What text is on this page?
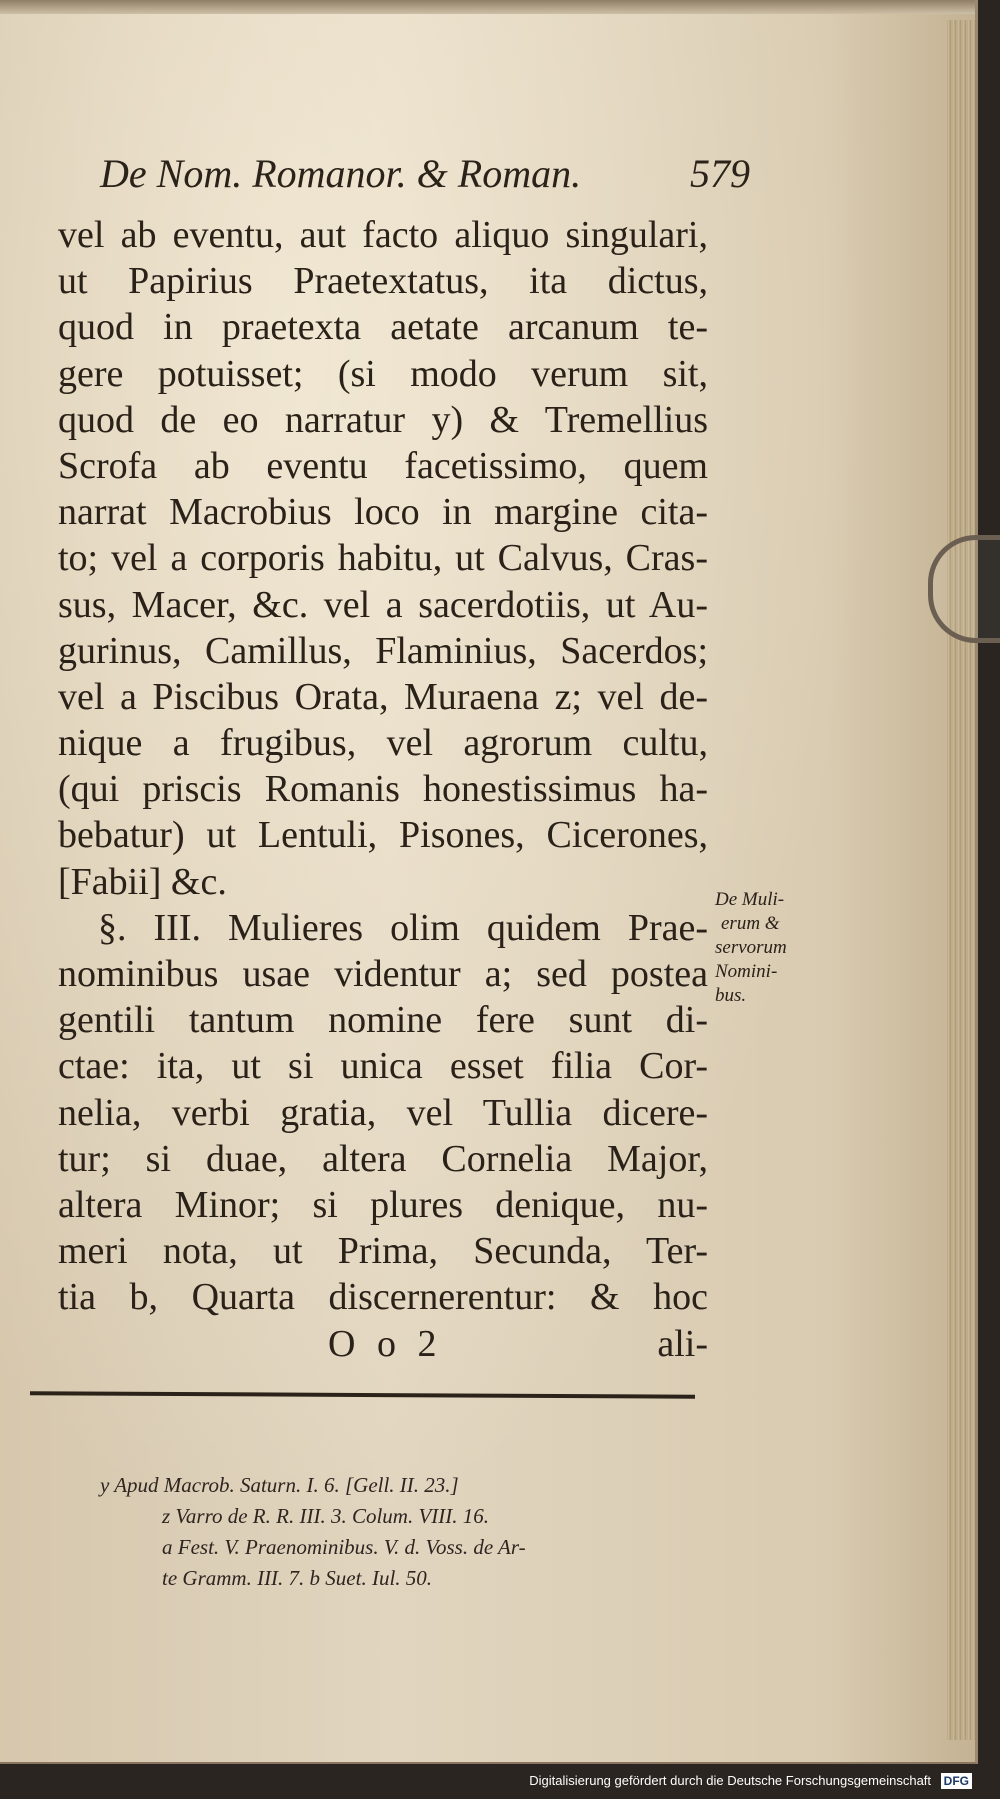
De Nom. Romanor. & Roman.	579
vel ab eventu, aut facto aliquo singulari,
ut Papirius Praetextatus, ita dictus,
quod in praetexta aetate arcanum te-
gere potuisset; (si modo verum sit,
quod de eo narratur y) & Tremellius
Scrofa ab eventu facetissimo, quem
narrat Macrobius loco in margine cita-
to; vel a corporis habitu, ut Calvus, Cras-
sus, Macer, &c. vel a sacerdotiis, ut Au-
gurinus, Camillus, Flaminius, Sacerdos;
vel a Piscibus Orata, Muraena z; vel de-
nique a frugibus, vel agrorum cultu,
(qui priscis Romanis honestissimus ha-
bebatur) ut Lentuli, Pisones, Cicerones,
[Fabii] &c.
§. III. Mulieres olim quidem Prae-
nominibus usae videntur a; sed postea
gentili tantum nomine fere sunt di-
ctae: ita, ut si unica esset filia Cor-
nelia, verbi gratia, vel Tullia dicere-
tur; si duae, altera Cornelia Major,
altera Minor; si plures denique, nu-
meri nota, ut Prima, Secunda, Ter-
tia b, Quarta discernerentur: & hoc
O o 2	ali-
De Muli-
erum &
servorum
Nomini-
bus.
y Apud Macrob. Saturn. I. 6. [Gell. II. 23.]
z Varro de R. R. III. 3. Colum. VIII. 16.
a Fest. V. Praenominibus. V. d. Voss. de Ar-
te Gramm. III. 7. b Suet. Iul. 50.
Digitalisierung gefördert durch die Deutsche Forschungsgemeinschaft DFG
